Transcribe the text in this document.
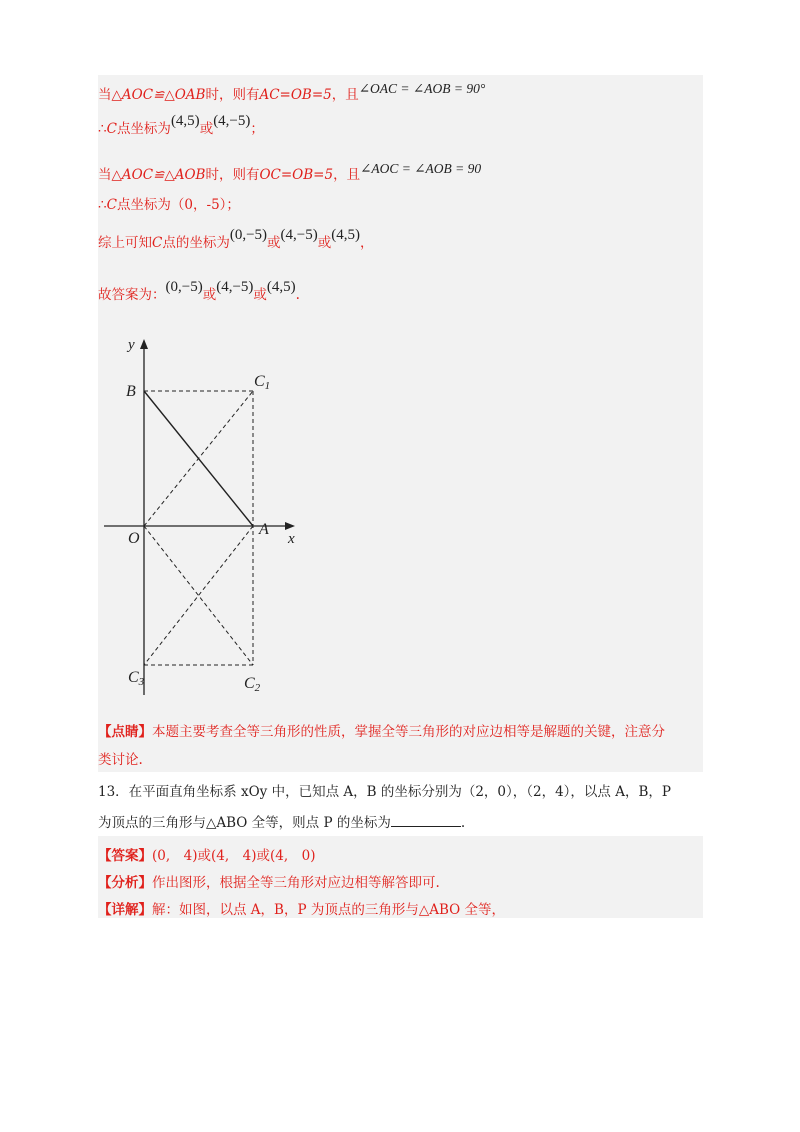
当△AOC≌△OAB时，则有AC=OB=5，且∠OAC = ∠AOB = 90°
∴C点坐标为(4,5)或(4,−5)；
当△AOC≌△AOB时，则有OC=OB=5，且∠AOC = ∠AOB = 90
∴C点坐标为（0，-5）；
综上可知C点的坐标为(0,−5)或(4,−5)或(4,5)，
故答案为：(0,−5)或(4,−5)或(4,5).
y
x
B
O
A
C1
C2
C3
【点睛】本题主要考查全等三角形的性质，掌握全等三角形的对应边相等是解题的关键，注意分
类讨论.
13．在平面直角坐标系 xOy 中，已知点 A，B 的坐标分别为（2，0），（2，4），以点 A，B，P
为顶点的三角形与△ABO 全等，则点 P 的坐标为	.
【答案】(0,　4)或(4,　4)或(4,　0)
【分析】作出图形，根据全等三角形对应边相等解答即可.
【详解】解：如图，以点 A，B，P 为顶点的三角形与△ABO 全等，
